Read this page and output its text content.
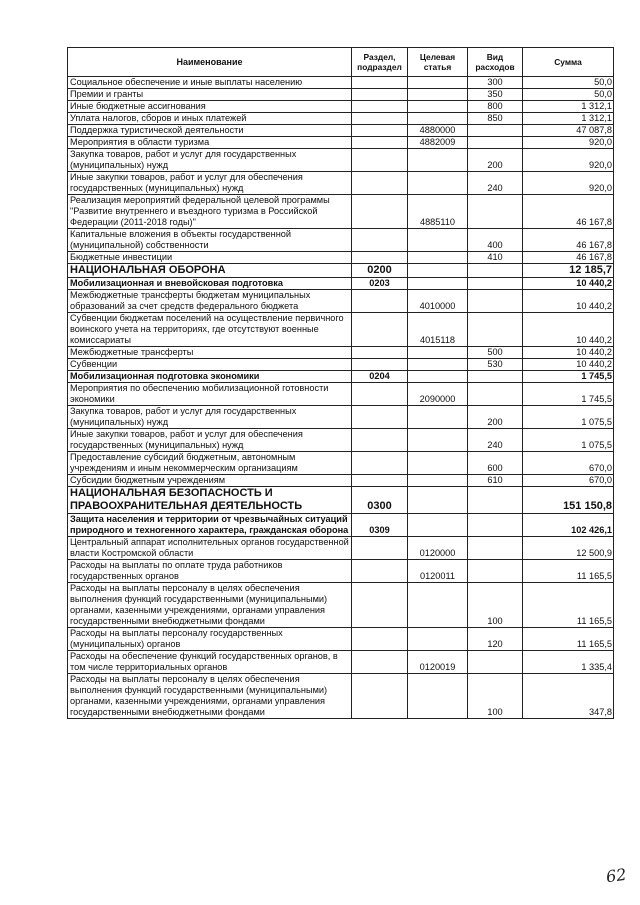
Наименование	Раздел, подраздел	Целевая статья	Вид расходов	Сумма
Социальное обеспечение и иные выплаты населению			300	50,0
Премии и гранты			350	50,0
Иные бюджетные ассигнования			800	1 312,1
Уплата налогов, сборов и иных платежей			850	1 312,1
Поддержка туристической деятельности		4880000		47 087,8
Мероприятия в области туризма		4882009		920,0
Закупка товаров, работ и услуг для государственных (муниципальных) нужд			200	920,0
Иные закупки товаров, работ и услуг для обеспечения государственных (муниципальных) нужд			240	920,0
Реализация мероприятий федеральной целевой программы "Развитие внутреннего и въездного туризма в Российской Федерации (2011-2018 годы)"		4885110		46 167,8
Капитальные вложения в объекты государственной (муниципальной) собственности			400	46 167,8
Бюджетные инвестиции			410	46 167,8
НАЦИОНАЛЬНАЯ ОБОРОНА	0200			12 185,7
Мобилизационная и вневойсковая подготовка	0203			10 440,2
Межбюджетные трансферты бюджетам муниципальных образований за счет средств федерального бюджета		4010000		10 440,2
Субвенции бюджетам поселений на осуществление первичного воинского учета на территориях, где отсутствуют военные комиссариаты		4015118		10 440,2
Межбюджетные трансферты			500	10 440,2
Субвенции			530	10 440,2
Мобилизационная подготовка экономики	0204			1 745,5
Мероприятия по обеспечению мобилизационной готовности экономики		2090000		1 745,5
Закупка товаров, работ и услуг для государственных (муниципальных) нужд			200	1 075,5
Иные закупки товаров, работ и услуг для обеспечения государственных (муниципальных) нужд			240	1 075,5
Предоставление субсидий бюджетным, автономным учреждениям и иным некоммерческим организациям			600	670,0
Субсидии бюджетным учреждениям			610	670,0
НАЦИОНАЛЬНАЯ БЕЗОПАСНОСТЬ И ПРАВООХРАНИТЕЛЬНАЯ ДЕЯТЕЛЬНОСТЬ	0300			151 150,8
Защита населения и территории от чрезвычайных ситуаций природного и техногенного характера, гражданская оборона	0309			102 426,1
Центральный аппарат исполнительных органов государственной власти Костромской области		0120000		12 500,9
Расходы на выплаты по оплате труда работников государственных органов		0120011		11 165,5
Расходы на выплаты персоналу в целях обеспечения выполнения функций государственными (муниципальными) органами, казенными учреждениями, органами управления государственными внебюджетными фондами			100	11 165,5
Расходы на выплаты персоналу государственных (муниципальных) органов			120	11 165,5
Расходы на обеспечение функций государственных органов, в том числе территориальных органов		0120019		1 335,4
Расходы на выплаты персоналу в целях обеспечения выполнения функций государственными (муниципальными) органами, казенными учреждениями, органами управления государственными внебюджетными фондами			100	347,8
62
